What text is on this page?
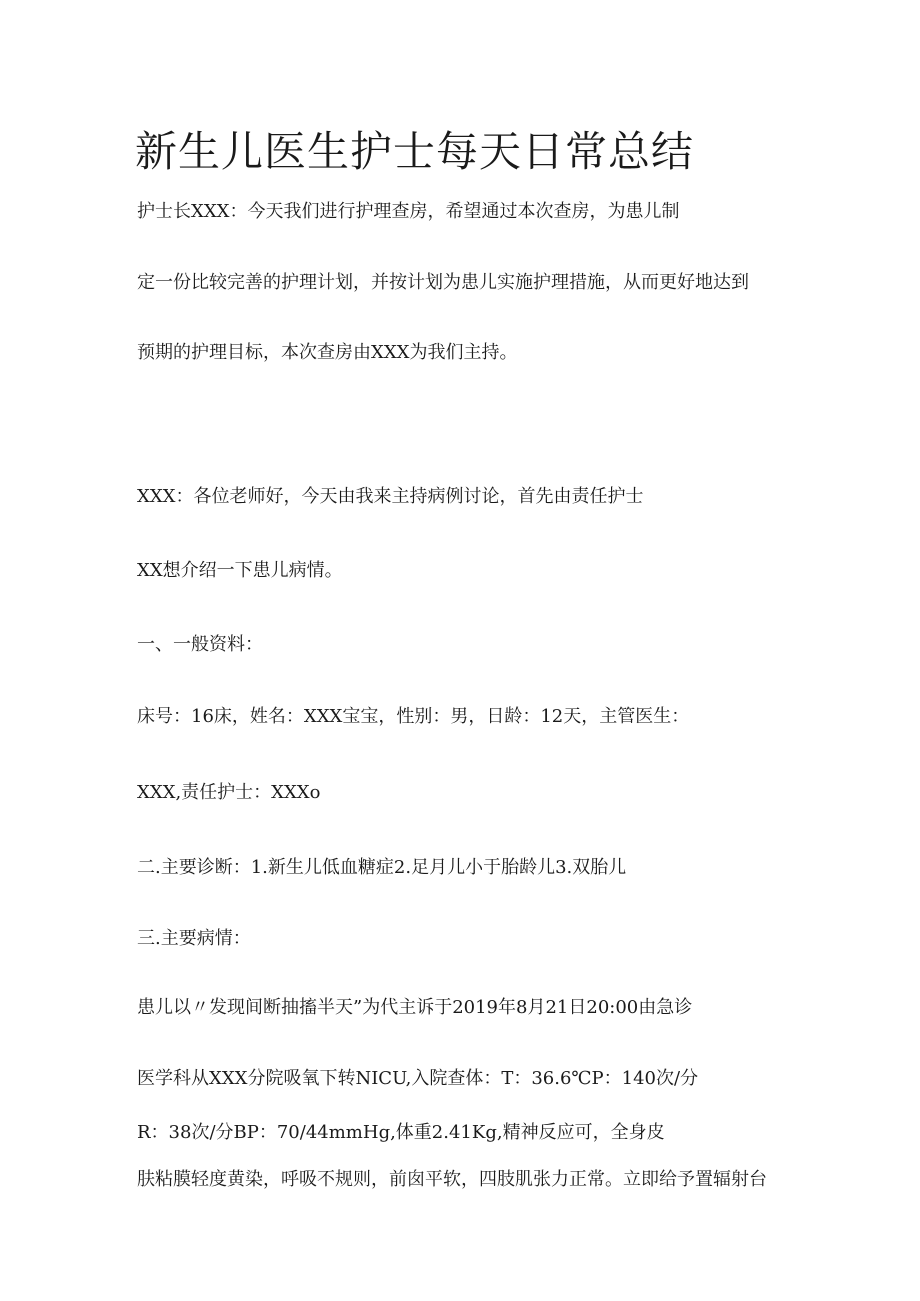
新生儿医生护士每天日常总结
护士长XXX：今天我们进行护理查房，希望通过本次查房，为患儿制
定一份比较完善的护理计划，并按计划为患儿实施护理措施，从而更好地达到
预期的护理目标，本次查房由XXX为我们主持。
XXX：各位老师好，今天由我来主持病例讨论，首先由责任护士
XX想介绍一下患儿病情。
一、一般资料：
床号：16床，姓名：XXX宝宝，性别：男，日龄：12天，主管医生：
XXX,责任护士：XXXo
二.主要诊断：1.新生儿低血糖症2.足月儿小于胎龄儿3.双胎儿
三.主要病情：
患儿以〃发现间断抽搐半天”为代主诉于2019年8月21日20:00由急诊
医学科从XXX分院吸氧下转NICU,入院查体：T：36.6℃P：140次/分
R：38次/分BP：70/44mmHg,体重2.41Kg,精神反应可，全身皮
肤粘膜轻度黄染，呼吸不规则，前囱平软，四肢肌张力正常。立即给予置辐射台
